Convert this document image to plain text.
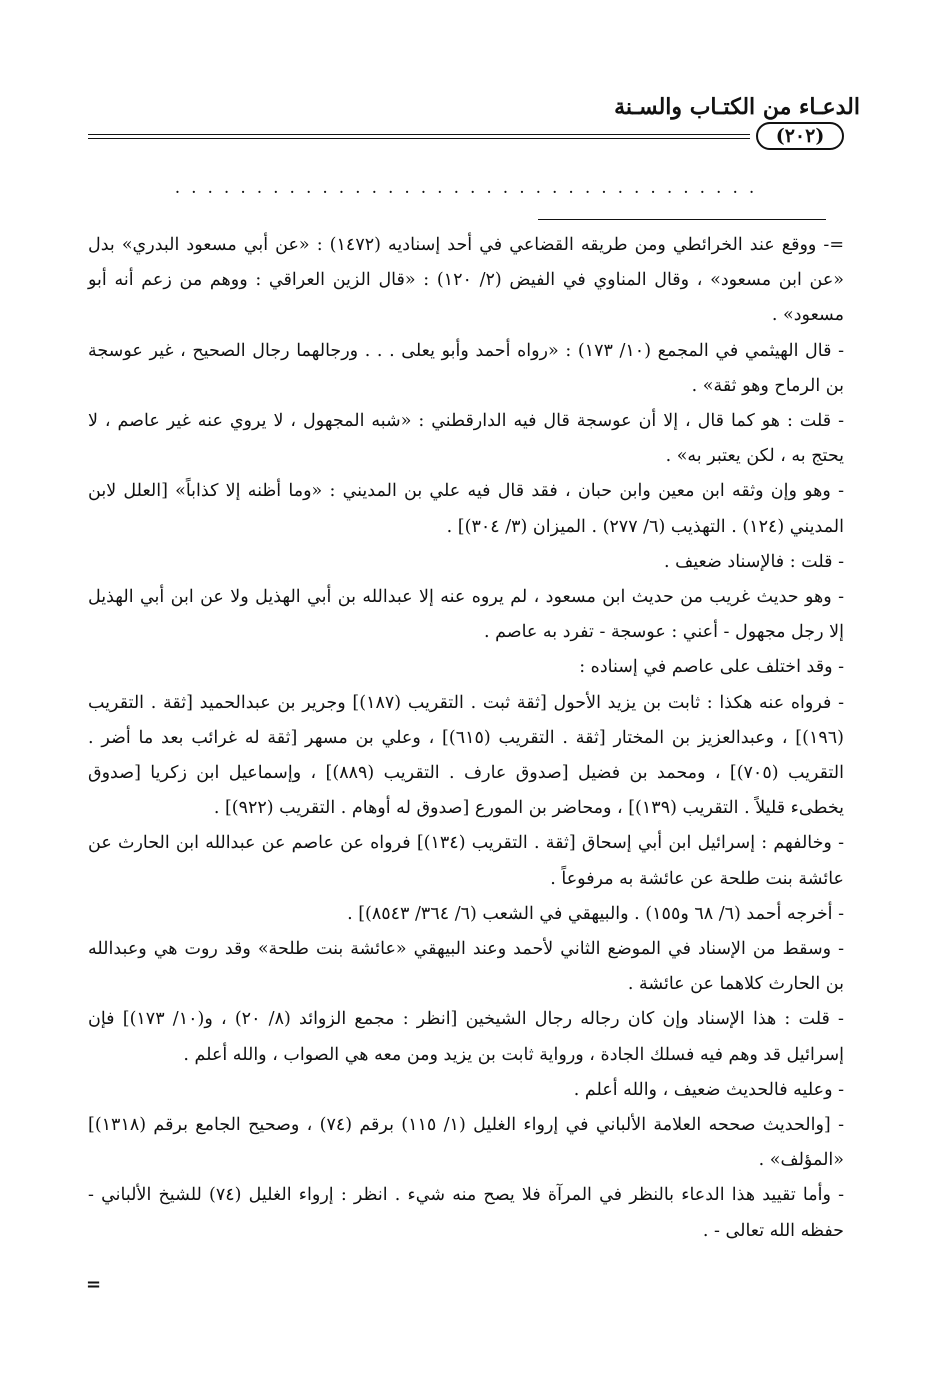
الدعـاء من الكتـاب والسـنة
(٢٠٢)
....................................

=- ووقع عند الخرائطي ومن طريقه القضاعي في أحد إسناديه (١٤٧٢) : «عن أبي مسعود البدري» بدل «عن ابن مسعود» ، وقال المناوي في الفيض (٢/ ١٢٠) : «قال الزين العراقي : ووهم من زعم أنه أبو مسعود» .

- قال الهيثمي في المجمع (١٠/ ١٧٣) : «رواه أحمد وأبو يعلى . . . ورجالهما رجال الصحيح ، غير عوسجة بن الرماح وهو ثقة» .

- قلت : هو كما قال ، إلا أن عوسجة قال فيه الدارقطني : «شبه المجهول ، لا يروي عنه غير عاصم ، لا يحتج به ، لكن يعتبر به» .

- وهو وإن وثقه ابن معين وابن حبان ، فقد قال فيه علي بن المديني : «وما أظنه إلا كذاباً» [العلل لابن المديني (١٢٤) . التهذيب (٦/ ٢٧٧) . الميزان (٣/ ٣٠٤)] .

- قلت : فالإسناد ضعيف .

- وهو حديث غريب من حديث ابن مسعود ، لم يروه عنه إلا عبدالله بن أبي الهذيل ولا عن ابن أبي الهذيل إلا رجل مجهول - أعني : عوسجة - تفرد به عاصم .

- وقد اختلف على عاصم في إسناده :

- فرواه عنه هكذا : ثابت بن يزيد الأحول [ثقة ثبت . التقريب (١٨٧)] وجرير بن عبدالحميد [ثقة . التقريب (١٩٦)] ، وعبدالعزيز بن المختار [ثقة . التقريب (٦١٥)] ، وعلي بن مسهر [ثقة له غرائب بعد ما أضر . التقريب (٧٠٥)] ، ومحمد بن فضيل [صدوق عارف . التقريب (٨٨٩)] ، وإسماعيل ابن زكريا [صدوق يخطىء قليلاً . التقريب (١٣٩)] ، ومحاضر بن المورع [صدوق له أوهام . التقريب (٩٢٢)] .

- وخالفهم : إسرائيل ابن أبي إسحاق [ثقة . التقريب (١٣٤)] فرواه عن عاصم عن عبدالله ابن الحارث عن عائشة بنت طلحة عن عائشة به مرفوعاً .

- أخرجه أحمد (٦/ ٦٨ و١٥٥) . والبيهقي في الشعب (٦/ ٣٦٤/ ٨٥٤٣)] .

- وسقط من الإسناد في الموضع الثاني لأحمد وعند البيهقي «عائشة بنت طلحة» وقد روت هي وعبدالله بن الحارث كلاهما عن عائشة .

- قلت : هذا الإسناد وإن كان رجاله رجال الشيخين [انظر : مجمع الزوائد (٨/ ٢٠) ، و(١٠/ ١٧٣)] فإن إسرائيل قد وهم فيه فسلك الجادة ، ورواية ثابت بن يزيد ومن معه هي الصواب ، والله أعلم .

- وعليه فالحديث ضعيف ، والله أعلم .

- [والحديث صححه العلامة الألباني في إرواء الغليل (١/ ١١٥) برقم (٧٤) ، وصحيح الجامع برقم (١٣١٨)] «المؤلف» .

- وأما تقييد هذا الدعاء بالنظر في المرآة فلا يصح منه شيء . انظر : إرواء الغليل (٧٤) للشيخ الألباني - حفظه الله تعالى - .

=
